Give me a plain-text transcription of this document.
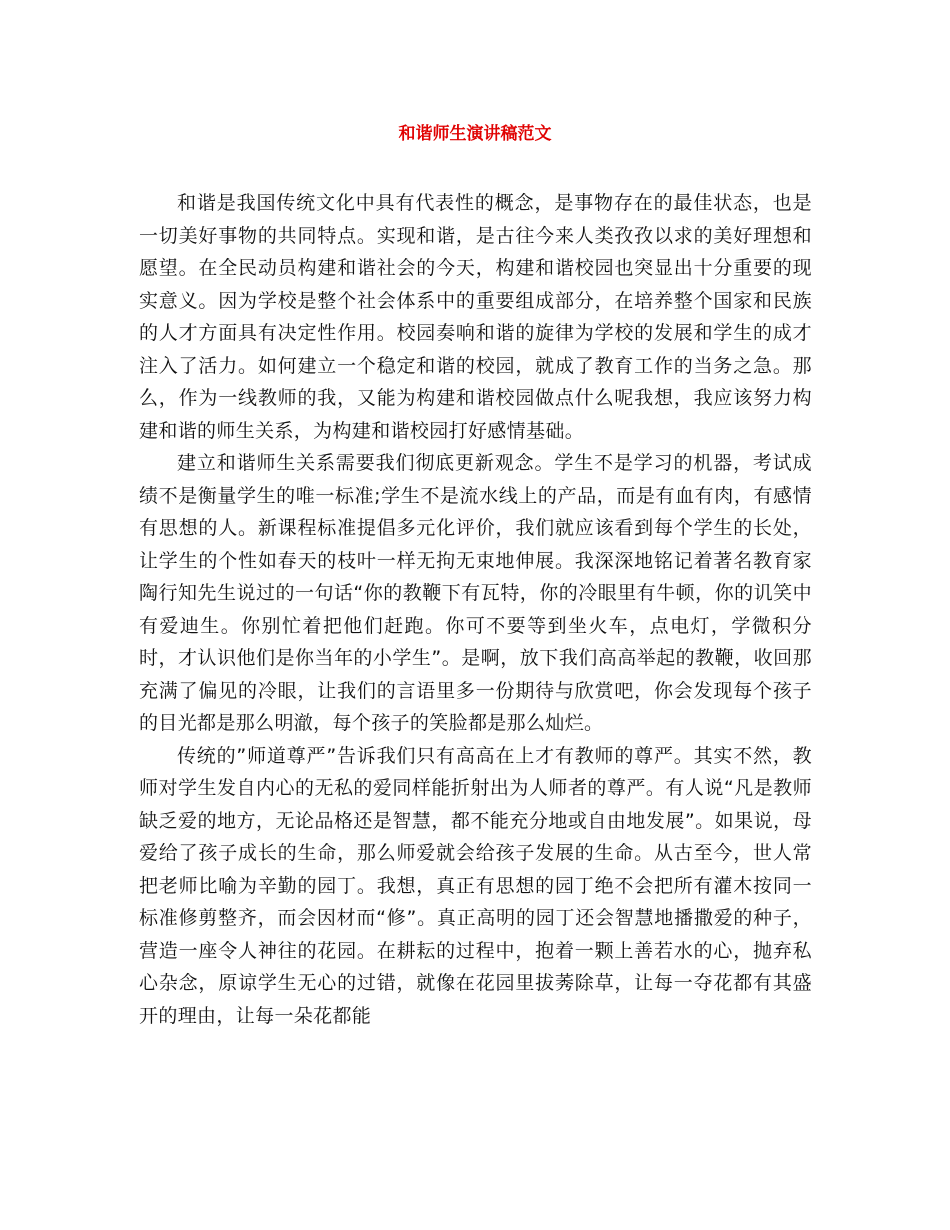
和谐师生演讲稿范文

和谐是我国传统文化中具有代表性的概念，是事物存在的最佳状态，也是一切美好事物的共同特点。实现和谐，是古往今来人类孜孜以求的美好理想和愿望。在全民动员构建和谐社会的今天，构建和谐校园也突显出十分重要的现实意义。因为学校是整个社会体系中的重要组成部分，在培养整个国家和民族的人才方面具有决定性作用。校园奏响和谐的旋律为学校的发展和学生的成才注入了活力。如何建立一个稳定和谐的校园，就成了教育工作的当务之急。那么，作为一线教师的我，又能为构建和谐校园做点什么呢我想，我应该努力构建和谐的师生关系，为构建和谐校园打好感情基础。

建立和谐师生关系需要我们彻底更新观念。学生不是学习的机器，考试成绩不是衡量学生的唯一标准;学生不是流水线上的产品，而是有血有肉，有感情有思想的人。新课程标准提倡多元化评价，我们就应该看到每个学生的长处，让学生的个性如春天的枝叶一样无拘无束地伸展。我深深地铭记着著名教育家陶行知先生说过的一句话“你的教鞭下有瓦特，你的冷眼里有牛顿，你的讥笑中有爱迪生。你别忙着把他们赶跑。你可不要等到坐火车，点电灯，学微积分时，才认识他们是你当年的小学生”。是啊，放下我们高高举起的教鞭，收回那充满了偏见的冷眼，让我们的言语里多一份期待与欣赏吧，你会发现每个孩子的目光都是那么明澈，每个孩子的笑脸都是那么灿烂。

传统的”师道尊严”告诉我们只有高高在上才有教师的尊严。其实不然，教师对学生发自内心的无私的爱同样能折射出为人师者的尊严。有人说“凡是教师缺乏爱的地方，无论品格还是智慧，都不能充分地或自由地发展”。如果说，母爱给了孩子成长的生命，那么师爱就会给孩子发展的生命。从古至今，世人常把老师比喻为辛勤的园丁。我想，真正有思想的园丁绝不会把所有灌木按同一标准修剪整齐，而会因材而“修”。真正高明的园丁还会智慧地播撒爱的种子，营造一座令人神往的花园。在耕耘的过程中，抱着一颗上善若水的心，抛弃私心杂念，原谅学生无心的过错，就像在花园里拔莠除草，让每一夺花都有其盛开的理由，让每一朵花都能
